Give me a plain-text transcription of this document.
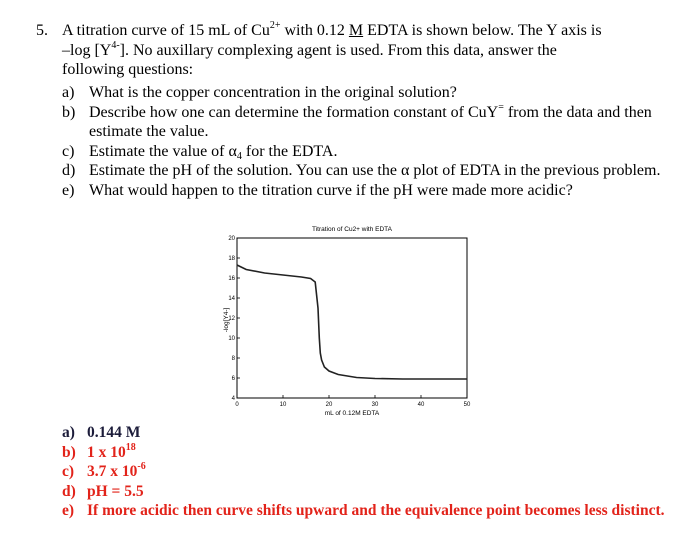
5. A titration curve of 15 mL of $Cu^{2+}$ with 0.12 M EDTA is shown below. The Y axis is
–log $[Y^{4-}]$. No auxillary complexing agent is used. From this data, answer the
following questions:

a) What is the copper concentration in the original solution?

b) Describe how one can determine the formation constant of CuY= from the data and then estimate the value.

c) Estimate the value of $\alpha_4$ for the EDTA.

d) Estimate the pH of the solution. You can use the α plot of EDTA in the previous problem.

e) What would happen to the titration curve if the pH were made more acidic?

Titration of Cu2+ with EDTA
4
6
8
10
12
14
16
18
20
0	10	20	30	40	50
-log[Y4-]
mL of 0.12M EDTA
a) 0.144 M
b) 1 x $10^{18}$
c) 3.7 x $10^{-6}$
d) pH = 5.5
e) If more acidic then curve shifts upward and the equivalence point becomes less distinct.
